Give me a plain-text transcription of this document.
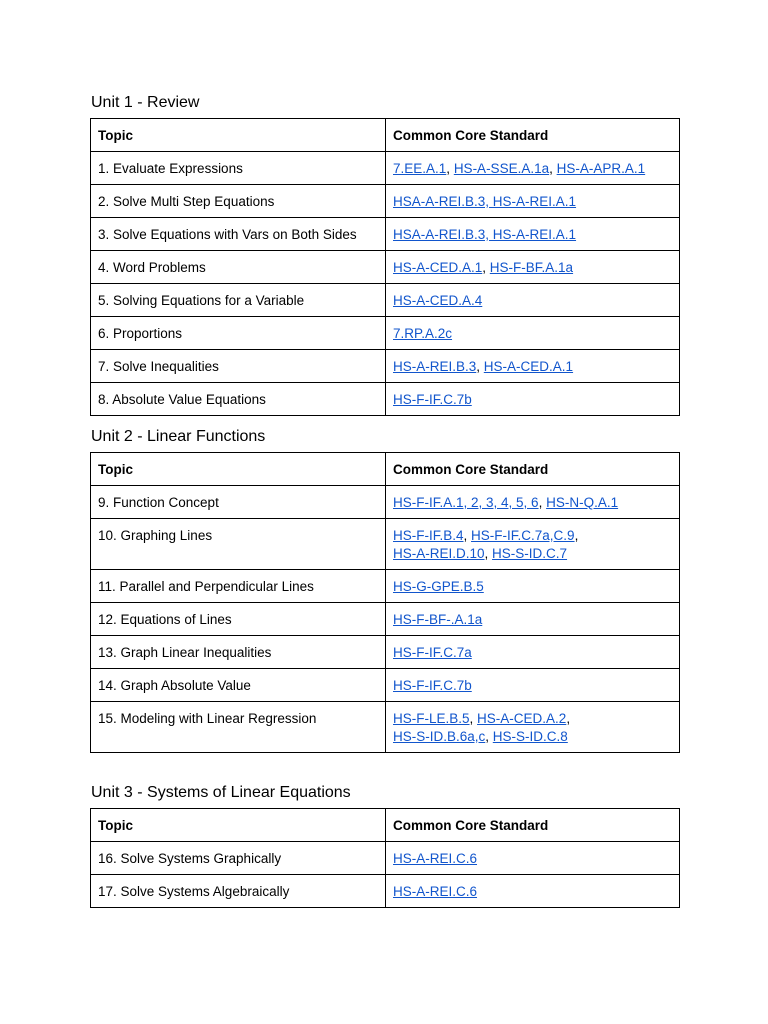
Unit 1 - Review
Topic	Common Core Standard
1. Evaluate Expressions	7.EE.A.1, HS-A-SSE.A.1a, HS-A-APR.A.1
2. Solve Multi Step Equations	HSA-A-REI.B.3, HS-A-REI.A.1
3. Solve Equations with Vars on Both Sides	HSA-A-REI.B.3, HS-A-REI.A.1
4. Word Problems	HS-A-CED.A.1, HS-F-BF.A.1a
5. Solving Equations for a Variable	HS-A-CED.A.4
6. Proportions	7.RP.A.2c
7. Solve Inequalities	HS-A-REI.B.3, HS-A-CED.A.1
8. Absolute Value Equations	HS-F-IF.C.7b
Unit 2 - Linear Functions
Topic	Common Core Standard
9. Function Concept	HS-F-IF.A.1, 2, 3, 4, 5, 6, HS-N-Q.A.1
10. Graphing Lines	HS-F-IF.B.4, HS-F-IF.C.7a,C.9,
HS-A-REI.D.10, HS-S-ID.C.7
11. Parallel and Perpendicular Lines	HS-G-GPE.B.5
12. Equations of Lines	HS-F-BF-.A.1a
13. Graph Linear Inequalities	HS-F-IF.C.7a
14. Graph Absolute Value	HS-F-IF.C.7b
15. Modeling with Linear Regression	HS-F-LE.B.5, HS-A-CED.A.2,
HS-S-ID.B.6a,c, HS-S-ID.C.8
Unit 3 - Systems of Linear Equations
Topic	Common Core Standard
16. Solve Systems Graphically	HS-A-REI.C.6
17. Solve Systems Algebraically	HS-A-REI.C.6
